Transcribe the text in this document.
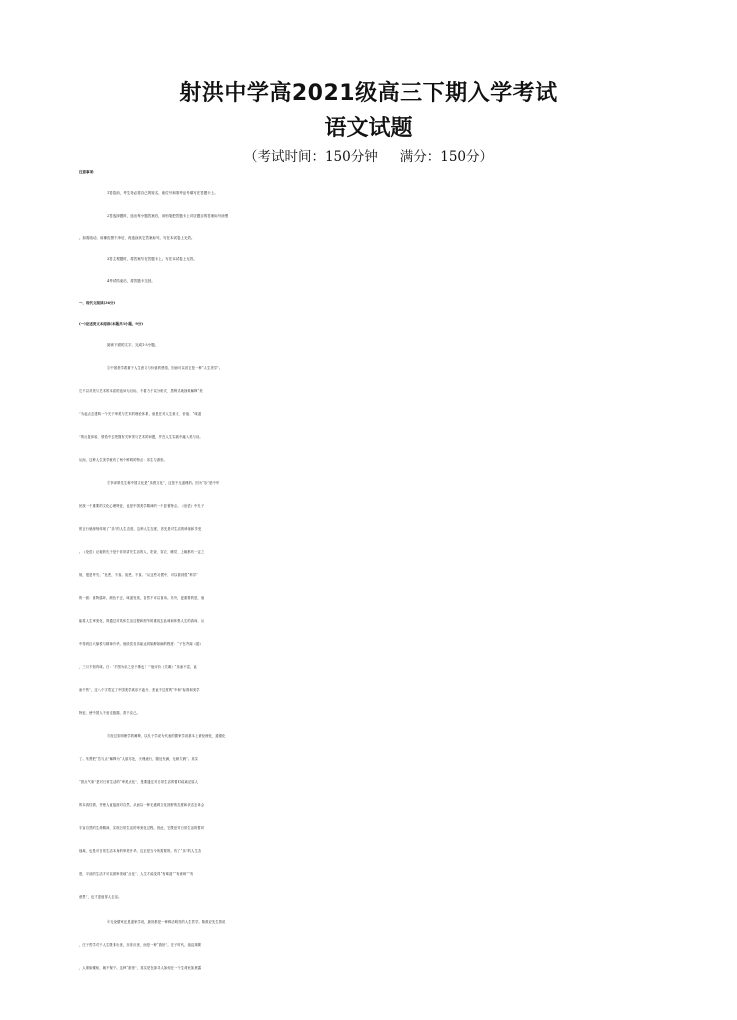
射洪中学高2021级高三下期入学考试
语文试题
（考试时间：150分钟 满分：150分）
注意事项：
1答卷前，考生务必将自己的姓名、座位号和准考证号填写在答题卡上。
2答选择题时，选出每小题答案后，用铅笔把答题卡上对应题目的答案标号涂黑
。如需改动，用橡皮擦干净后，再选涂其它答案标号。写在本试卷上无效。
3答主观题时，将答案写在答题卡上。写在本试卷上无效。
4考试结束后，将答题卡交回。
一、现代文阅读(36分)
(一)论述类文本阅读(本题共3小题，9分)
阅读下面的文字，完成1-3小题。
①中国美学着重于人生意义与价值的感悟，因而可以说它是一种“人生美学”。
它不以对美与艺术的本质的追问为目标，不着力于以分析式、思辨式地抽象解释“美
”为起点去建构一个关于审美与艺术的理论体系，而是在对人生意义、价值、“味道
”的反复体验、领悟中去把握有关审美与艺术的问题，并在人生实践中融入美与诗。
从而，这种人生美学就有了两个鲜明的特点：乐生与游世。
②李泽厚先生称中国文化是“乐感文化”，这是不无道理的。因为“乐”是中华
民族一个重要的文化心理特征，也是中国美学精神的一个显著特点。《论语》中孔子
的言行就深刻体现了“乐”的人生态度。这种人生态度，首先是对生活的珍视和享受
。《论语》记载的孔子是个非常讲究生活的人，吃饭、穿衣、睡觉、上朝都有一定之
规，很是考究。“色恶，不食。臭恶，不食。”从这些习惯中，可以看到很“科学”
的一面：食物腐坏，颜色不正，味道发臭，自然不可以食用。另外，更重要的是，他
能将人生审美化，即通过对具体生活过程和细节的重视去品味和体察人生的真谛，从
中得到巨大愉悦与精神升华。他欣赏音乐能达到如醉如痴的程度：“子在齐闻《韶》
，三月不知肉味。曰：‘不图为乐之至于斯也！’”他评价《关雎》“乐而不淫，哀
而不伤”，这八个字奠定了中国美学欢乐不逾分、悲哀不过度的“中和”标准和美学
特征，使中国人不爱走极端，善于克己。
③经过宋明理学的阐释，以孔子学说为代表的儒家学说基本上被伦理化、道德化
了。朱熹把“吾与点”解释为“人欲尽处，天理流行，随处充满，无稍欠阙”。其实
“曾点气象”是对日常生活的“审美点化”，是要通过对日常生活的暂时疏离还原人
的本真性情，并使人直接面对自然，从而以一种无遮碍文化视野的态度和状态去体会
宇宙自然的生命精神，实现日常生活的审美化过程。因此，它既是对日常生活的暂时
抽离，也是对日常生活本身的审美升华。这正是当今所需要的。有了“乐”的人生态
度，平淡的生活才可以被审美地“点化”，人生才能变得“有味道”“有意味”“有
意思”，也才更值得人去活。
④无论儒家还是道家学说，最初都是一种鲜活明亮的人生哲学。陈鼓应先生曾说
，庄子哲学对于人生既非出世，亦非厌世，而是一种“游世”。庄子时代，战乱频繁
，人命如蝼蚁，朝不保夕。这种“游世”，其实是在探寻人如何在一个生命危如晨露
